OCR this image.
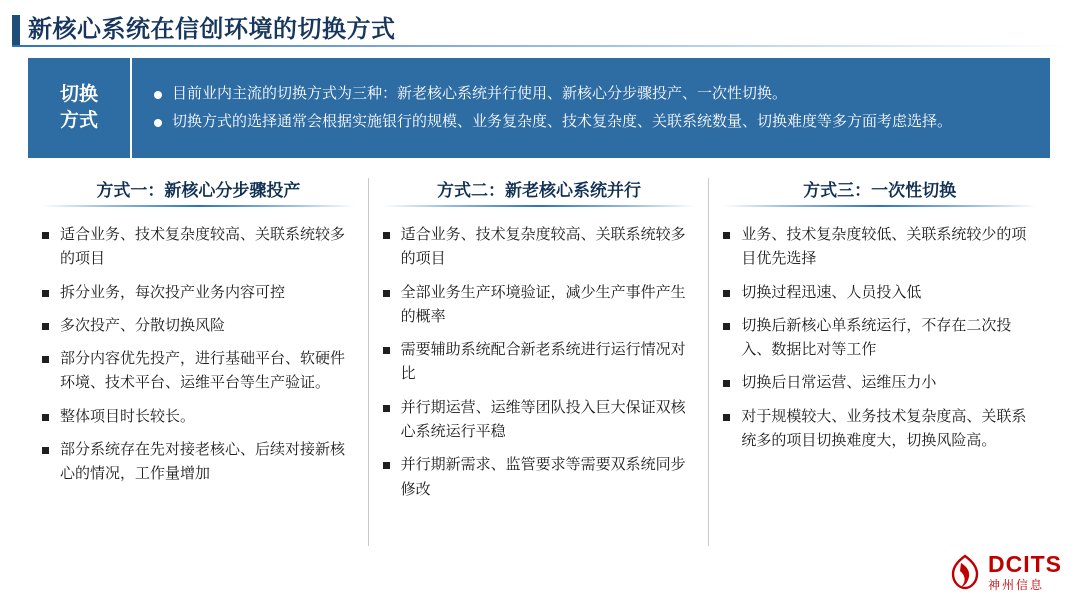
新核心系统在信创环境的切换方式
切换
方式
目前业内主流的切换方式为三种：新老核心系统并行使用、新核心分步骤投产、一次性切换。
切换方式的选择通常会根据实施银行的规模、业务复杂度、技术复杂度、关联系统数量、切换难度等多方面考虑选择。
方式一：新核心分步骤投产
适合业务、技术复杂度较高、关联系统较多的项目
拆分业务，每次投产业务内容可控
多次投产、分散切换风险
部分内容优先投产，进行基础平台、软硬件环境、技术平台、运维平台等生产验证。
整体项目时长较长。
部分系统存在先对接老核心、后续对接新核心的情况，工作量增加
方式二：新老核心系统并行
适合业务、技术复杂度较高、关联系统较多的项目
全部业务生产环境验证，减少生产事件产生的概率
需要辅助系统配合新老系统进行运行情况对比
并行期运营、运维等团队投入巨大保证双核心系统运行平稳
并行期新需求、监管要求等需要双系统同步修改
方式三：一次性切换
业务、技术复杂度较低、关联系统较少的项目优先选择
切换过程迅速、人员投入低
切换后新核心单系统运行，不存在二次投入、数据比对等工作
切换后日常运营、运维压力小
对于规模较大、业务技术复杂度高、关联系统多的项目切换难度大，切换风险高。
DCITS
神州信息
